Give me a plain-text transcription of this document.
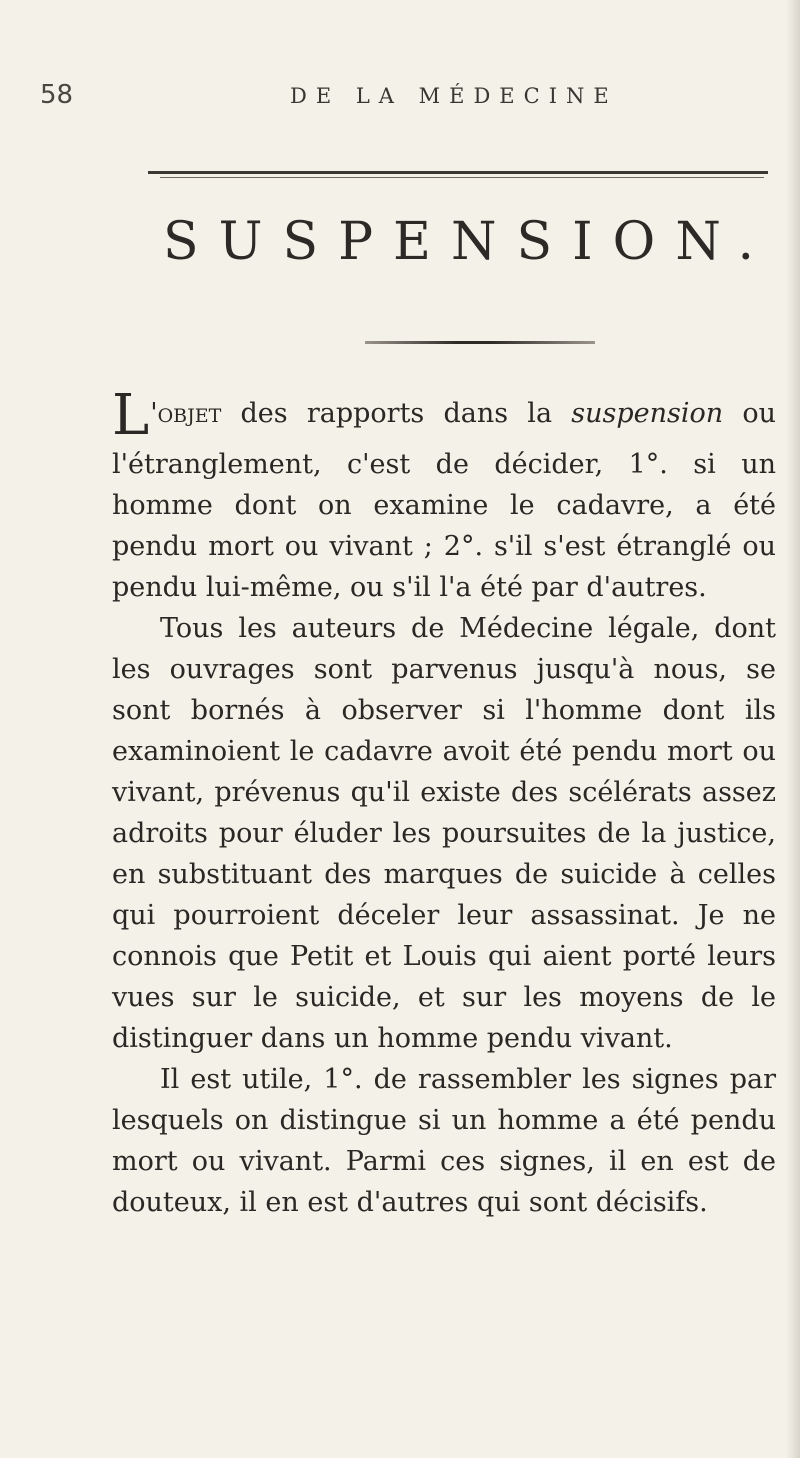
58	DE LA MÉDECINE
SUSPENSION.

L'objet des rapports dans la suspension ou l'étranglement, c'est de décider, 1°. si un homme dont on examine le cadavre, a été pendu mort ou vivant ; 2°. s'il s'est étranglé ou pendu lui-même, ou s'il l'a été par d'autres.

Tous les auteurs de Médecine légale, dont les ouvrages sont parvenus jusqu'à nous, se sont bornés à observer si l'homme dont ils examinoient le cadavre avoit été pendu mort ou vivant, prévenus qu'il existe des scélérats assez adroits pour éluder les poursuites de la justice, en substituant des marques de suicide à celles qui pourroient déceler leur assassinat. Je ne connois que Petit et Louis qui aient porté leurs vues sur le suicide, et sur les moyens de le distinguer dans un homme pendu vivant.

Il est utile, 1°. de rassembler les signes par lesquels on distingue si un homme a été pendu mort ou vivant. Parmi ces signes, il en est de douteux, il en est d'autres qui sont décisifs.
